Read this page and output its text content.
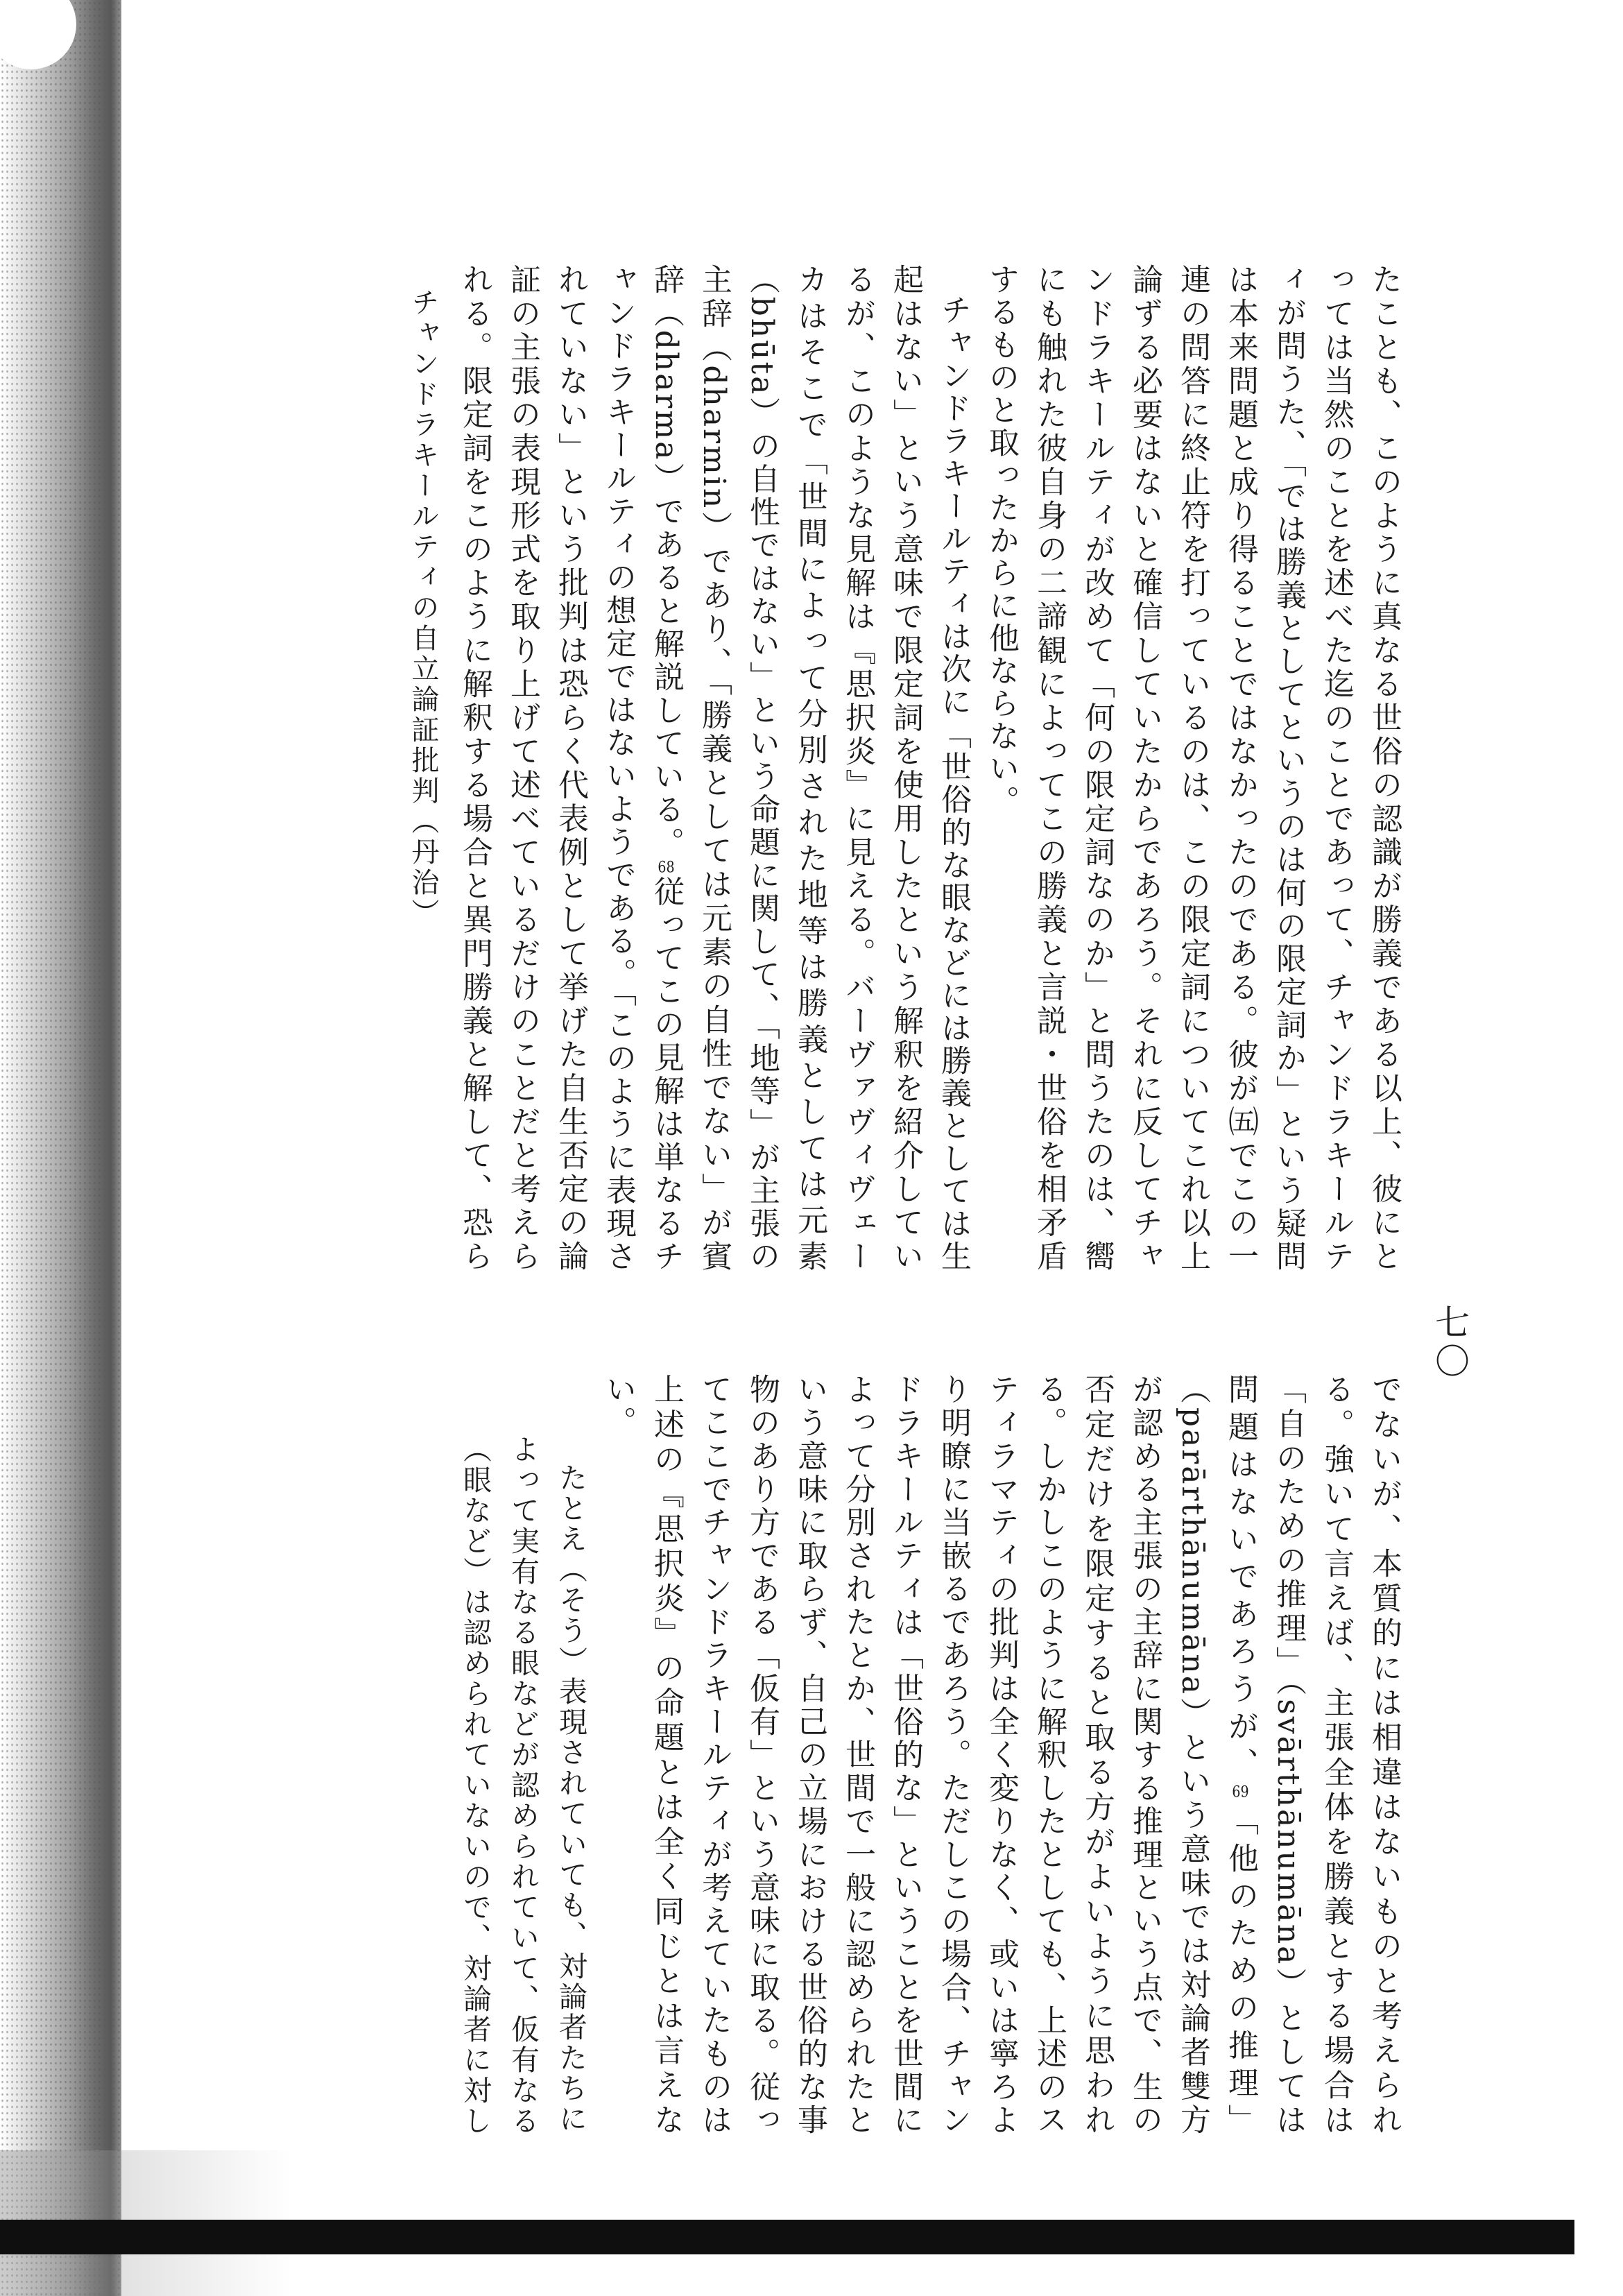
チャンドラキールティの自立論証批判（丹治）
七〇

たことも、このように真なる世俗の認識が勝義である以上、彼にとっては当然のことを述べた迄のことであって、チャンドラキールティが問うた、「では勝義としてというのは何の限定詞か」という疑問は本来問題と成り得ることではなかったのである。彼が㈤でこの一連の問答に終止符を打っているのは、この限定詞についてこれ以上論ずる必要はないと確信していたからであろう。それに反してチャンドラキールティが改めて「何の限定詞なのか」と問うたのは、嚮にも触れた彼自身の二諦観によってこの勝義と言説・世俗を相矛盾するものと取ったからに他ならない。

チャンドラキールティは次に「世俗的な眼などには勝義としては生起はない」という意味で限定詞を使用したという解釈を紹介しているが、このような見解は『思択炎』に見える。バーヴァヴィヴェーカはそこで「世間によって分別された地等は勝義としては元素（bhūta）の自性ではない」という命題に関して、「地等」が主張の主辞（dharmin）であり、「勝義としては元素の自性でない」が賓辞（dharma）であると解説している。68従ってこの見解は単なるチャンドラキールティの想定ではないようである。「このように表現されていない」という批判は恐らく代表例として挙げた自生否定の論証の主張の表現形式を取り上げて述べているだけのことだと考えられる。限定詞をこのように解釈する場合と異門勝義と解して、恐ら

でないが、本質的には相違はないものと考えられる。強いて言えば、主張全体を勝義とする場合は「自のための推理」（svārthānumāna）としては問題はないであろうが、69「他のための推理」（parārthānumāna）という意味では対論者雙方が認める主張の主辞に関する推理という点で、生の否定だけを限定すると取る方がよいように思われる。しかしこのように解釈したとしても、上述のスティラマティの批判は全く変りなく、或いは寧ろより明瞭に当嵌るであろう。ただしこの場合、チャンドラキールティは「世俗的な」ということを世間によって分別されたとか、世間で一般に認められたという意味に取らず、自己の立場における世俗的な事物のあり方である「仮有」という意味に取る。従ってここでチャンドラキールティが考えていたものは上述の『思択炎』の命題とは全く同じとは言えない。

たとえ（そう）表現されていても、対論者たちによって実有なる眼などが認められていて、仮有なる（眼など）は認められていないので、対論者に対し
